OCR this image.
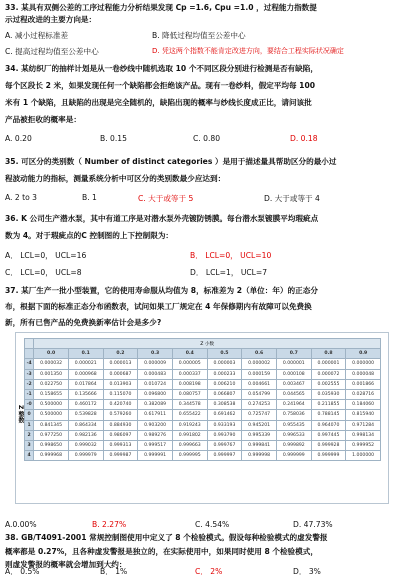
33. 某具有双侧公差的工序过程能力分析结果发现 Cp =1.6, Cpu =1.0 ，过程能力指数提
示过程改进的主要方向是：
A. 减小过程标准差	B. 降低过程均值至公差中心
C. 提高过程均值至公差中心	D. 凭这两个指数不能肯定改进方向，要结合工程实际状况确定
34. 某纺织厂的抽样计划是从一卷纱线中随机选取 10 个不同区段分别进行检测是否有缺陷，
每个区段长 2 米，如果发现任何一个缺陷都会拒绝该产品。现有一卷纱料，假定平均每 100
米有 1 个缺陷，且缺陷的出现是完全随机的，缺陷出现的概率与纱线长度成正比，请问该批
产品被拒收的概率是：
A. 0.20	B. 0.15	C. 0.80	D. 0.18
35. 可区分的类别数（ Number of distinct categories ）是用于描述量具帮助区分的最小过
程波动能力的指标，测量系统分析中可区分的类别数最少应达到：
A. 2 to 3	B. 1	C. 大于或等于 5	D. 大于或等于 4
36. K 公司生产潜水泵，其中有道工序是对潜水泵外壳镀防锈膜。每台潜水泵镀膜平均瑕疵点
数为 4。对于瑕疵点的C 控制图的上下控制限为：
A． LCL=0， UCL=16	B． LCL=0， UCL=10
C． LCL=0， UCL=8	D． LCL=1， UCL=7
37. 某厂生产一批小型装置，它的使用寿命服从均值为 8，标准差为 2（单位：年）的正态分
布，根据下面的标准正态分布函数表，试问如果工厂规定在 4 年保修期内有故障可以免费换
新，所有已售产品的免费换新率估计会是多少?
Z 整数
	Z 小数									
	0.0	0.1	0.2	0.3	0.4	0.5	0.6	0.7	0.8	0.9
-4	0.000032	0.000021	0.000013	0.000009	0.000005	0.000003	0.000002	0.000001	0.000001	0.000000
-3	0.001350	0.000968	0.000687	0.000483	0.000337	0.000233	0.000159	0.000108	0.000072	0.000048
-2	0.022750	0.017864	0.013903	0.010724	0.008198	0.006210	0.004661	0.003467	0.002555	0.001866
-1	0.158655	0.135666	0.115070	0.096800	0.080757	0.066807	0.054799	0.044565	0.035930	0.028716
-0	0.500000	0.460172	0.420740	0.382089	0.344578	0.308538	0.274253	0.241964	0.211855	0.184060
0	0.500000	0.539828	0.579260	0.617911	0.655422	0.691462	0.725747	0.758036	0.788145	0.815940
1	0.841345	0.864334	0.884930	0.903200	0.919243	0.933193	0.945201	0.955435	0.964070	0.971284
2	0.977250	0.982136	0.986097	0.989276	0.991802	0.993790	0.995339	0.996533	0.997445	0.998134
3	0.998650	0.999032	0.999313	0.999517	0.999663	0.999767	0.999841	0.999892	0.999928	0.999952
4	0.999968	0.999979	0.999987	0.999991	0.999995	0.999997	0.999998	0.999999	0.999999	1.000000
A.0.00%	B. 2.27%	C. 4.54%	D. 47.73%
38. GB/T4091-2001 常规控制图使用中定义了 8 个检验模式。假设每种检验模式的虚发警报
概率都是 0.27%，且各种虚发警报是独立的，在实际使用中，如果同时使用 8 个检验模式，
则虚发警报的概率就会增加到大约：
A． 0.5%	B． 1%	C． 2%	D． 3%
